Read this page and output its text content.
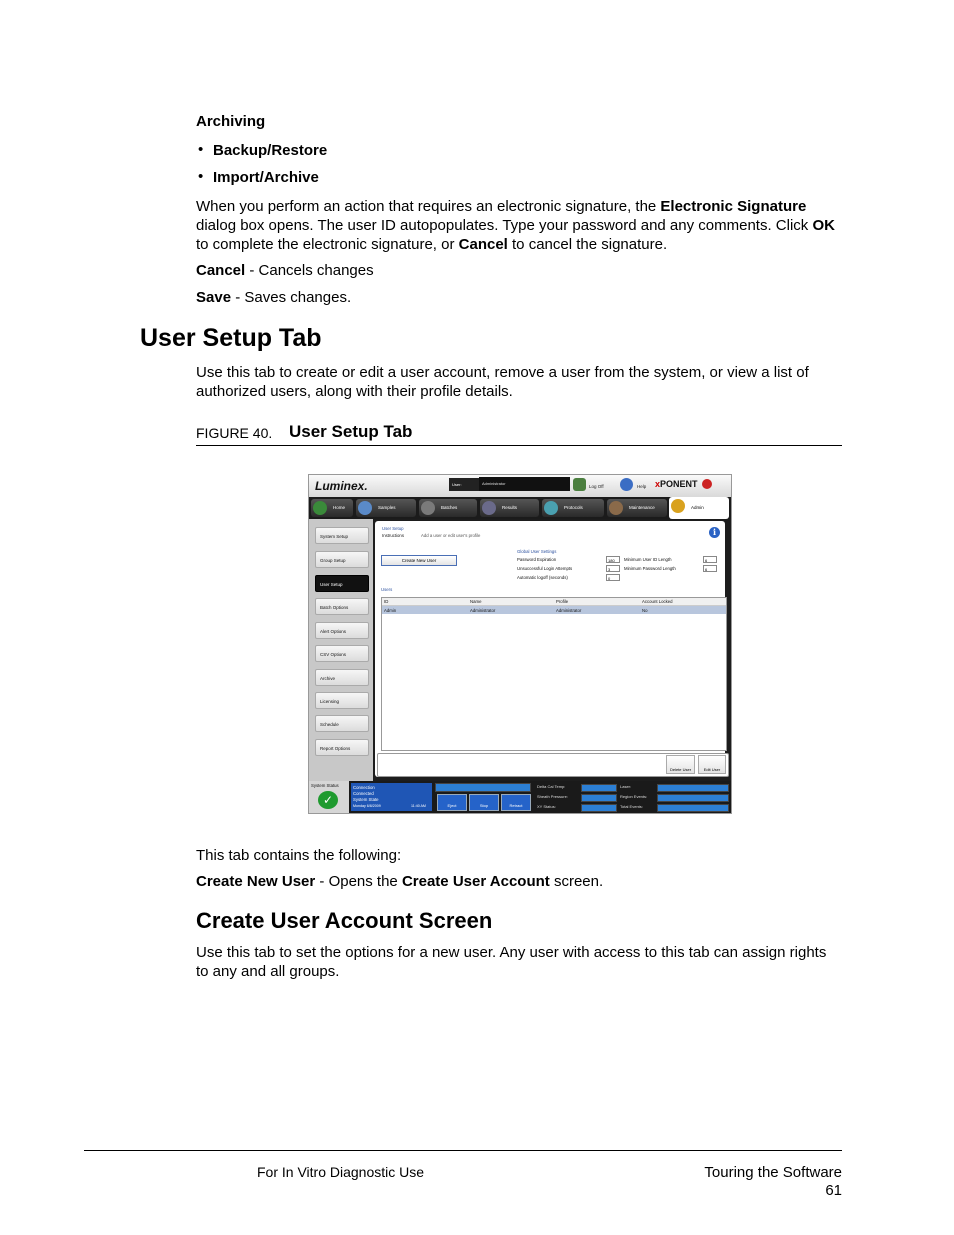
Archiving
• Backup/Restore
• Import/Archive
When you perform an action that requires an electronic signature, the Electronic Signature dialog box opens. The user ID autopopulates. Type your password and any comments. Click OK to complete the electronic signature, or Cancel to cancel the signature.
Cancel - Cancels changes
Save - Saves changes.
User Setup Tab
Use this tab to create or edit a user account, remove a user from the system, or view a list of authorized users, along with their profile details.
FIGURE 40. User Setup Tab
Luminex.	User:	Administrator
Log Off	Help xPONENT
Home	Samples	Batches	Results	Protocols	Maintenance	Admin
System Setup
Group Setup
User Setup
Batch Options
Alert Options
CSV Options
Archive
Licensing
Schedule
Report Options
User Setup
Instructions	Add a user or edit user's profile	i
Create New User
Global User Settings
Password Expiration	180
Unsuccessful Login Attempts	3
Automatic logoff (seconds)	0
Minimum User ID Length	6
Minimum Password Length	6
Users
ID	Name	Profile	Account Locked
Admin	Administrator	Administrator	No
Delete User	Edit User
System Status
✓
Connection
Connected
System State
Monday 6/8/2009	11:40 AM	Eject	Stop	Retract
Delta Cal Temp:
Sheath Pressure:
XY Status:
Laser:
Region Events:
Total Events:
This tab contains the following:
Create New User - Opens the Create User Account screen.
Create User Account Screen
Use this tab to set the options for a new user. Any user with access to this tab can assign rights to any and all groups.
For In Vitro Diagnostic Use	Touring the Software
61
